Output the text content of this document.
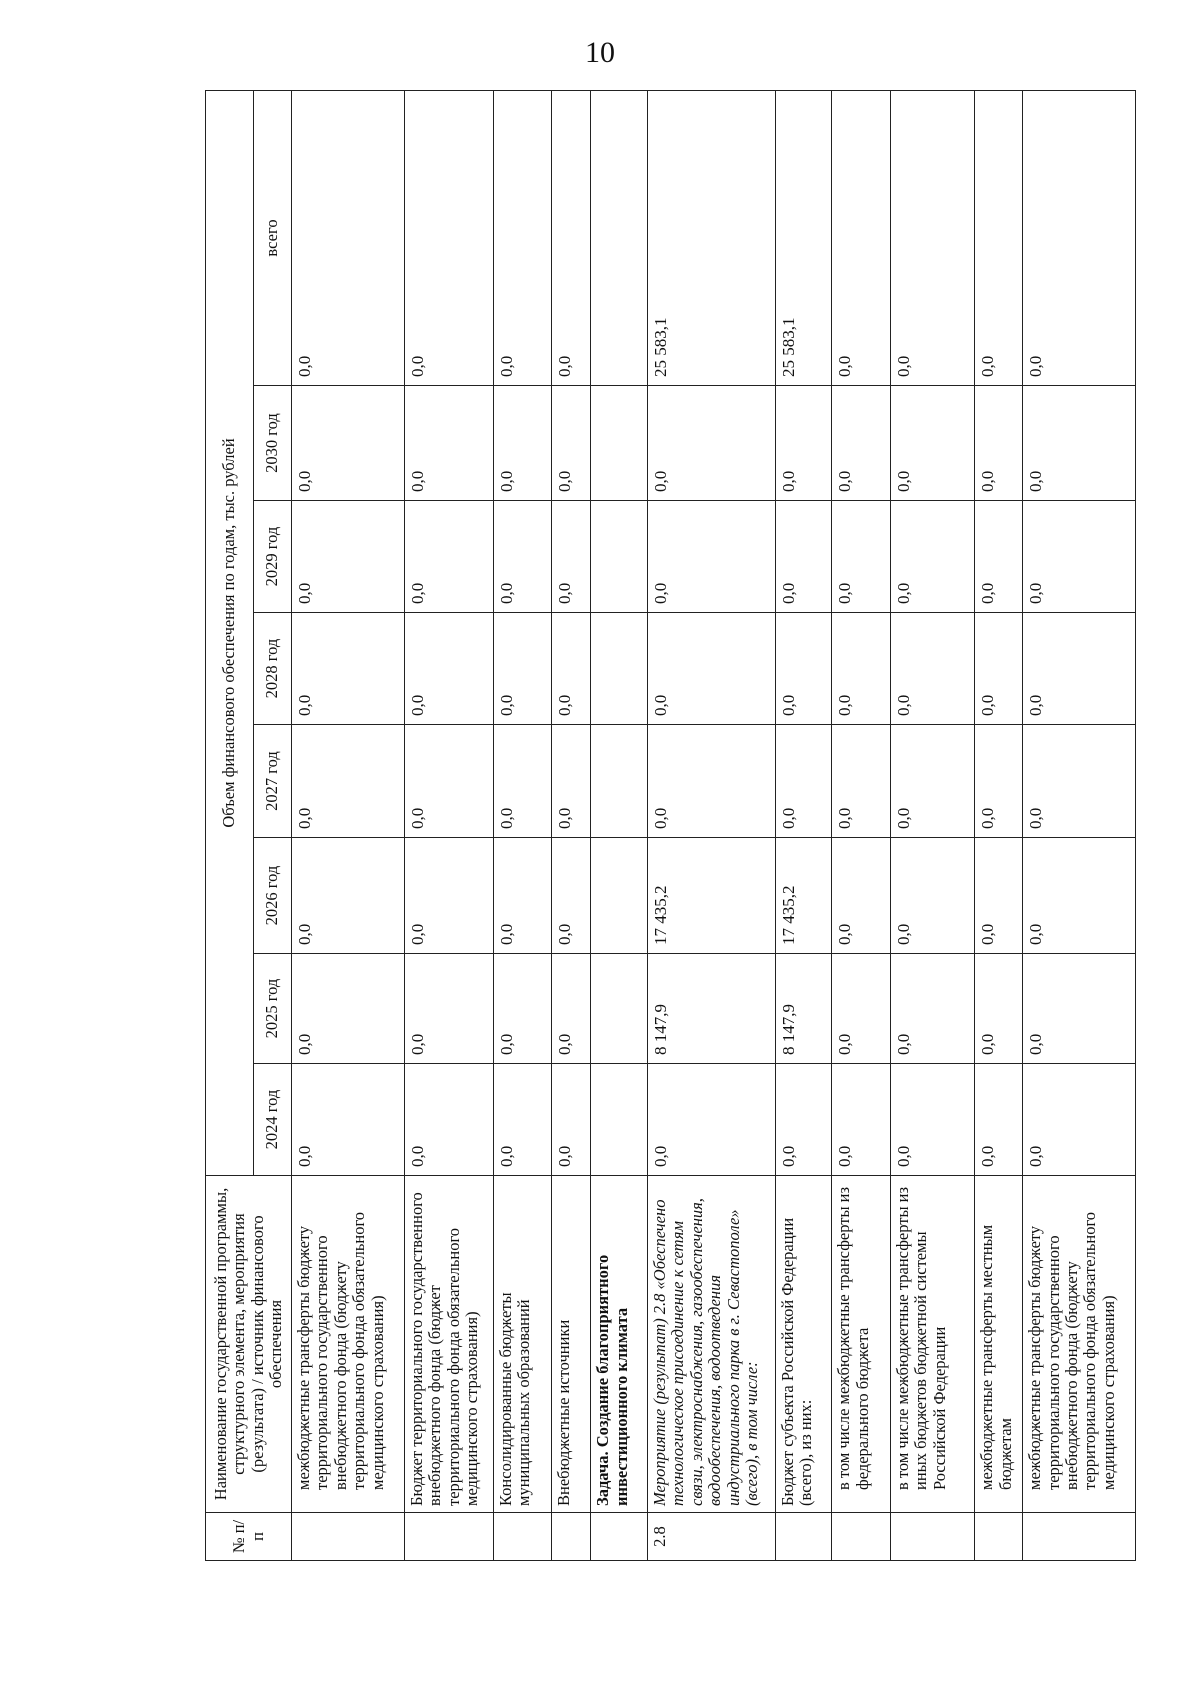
10
№ п/п	Наименование государственной программы, структурного элемента, мероприятия (результата) / источник финансового обеспечения	Объем финансового обеспечения по годам, тыс. рублей							
		2024 год	2025 год	2026 год	2027 год	2028 год	2029 год	2030 год	всего
	межбюджетные трансферты бюджету территориального государственного внебюджетного фонда (бюджету территориального фонда обязательного медицинского страхования)	0,0	0,0	0,0	0,0	0,0	0,0	0,0	0,0
	Бюджет территориального государственного внебюджетного фонда (бюджет территориального фонда обязательного медицинского страхования)	0,0	0,0	0,0	0,0	0,0	0,0	0,0	0,0
	Консолидированные бюджеты муниципальных образований	0,0	0,0	0,0	0,0	0,0	0,0	0,0	0,0
	Внебюджетные источники	0,0	0,0	0,0	0,0	0,0	0,0	0,0	0,0
	Задача. Создание благоприятного инвестиционного климата								
2.8	Мероприятие (результат) 2.8 «Обеспечено технологическое присоединение к сетям связи, электроснабжения, газообеспечения, водообеспечения, водоотведения индустриального парка в г. Севастополе» (всего), в том числе:	0,0	8 147,9	17 435,2	0,0	0,0	0,0	0,0	25 583,1
	Бюджет субъекта Российской Федерации (всего), из них:	0,0	8 147,9	17 435,2	0,0	0,0	0,0	0,0	25 583,1
	в том числе межбюджетные трансферты из федерального бюджета	0,0	0,0	0,0	0,0	0,0	0,0	0,0	0,0
	в том числе межбюджетные трансферты из иных бюджетов бюджетной системы Российской Федерации	0,0	0,0	0,0	0,0	0,0	0,0	0,0	0,0
	межбюджетные трансферты местным бюджетам	0,0	0,0	0,0	0,0	0,0	0,0	0,0	0,0
	межбюджетные трансферты бюджету территориального государственного внебюджетного фонда (бюджету территориального фонда обязательного медицинского страхования)	0,0	0,0	0,0	0,0	0,0	0,0	0,0	0,0
